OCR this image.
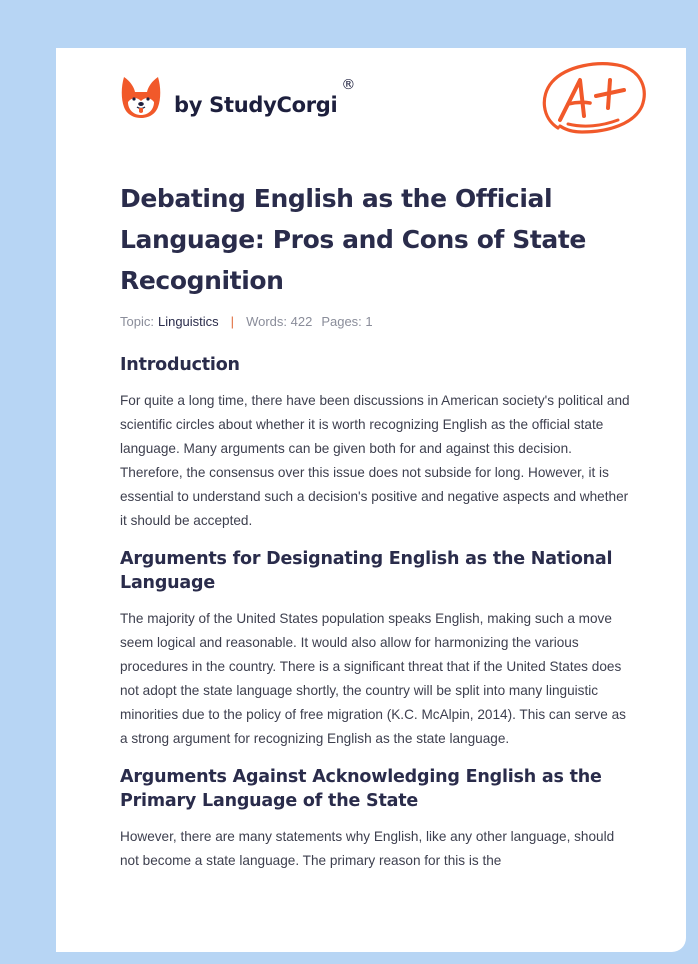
by StudyCorgi
®
Debating English as the Official Language: Pros and Cons of State Recognition
Topic: Linguistics | Words: 422 Pages: 1
Introduction

For quite a long time, there have been discussions in American society's political and scientific circles about whether it is worth recognizing English as the official state language. Many arguments can be given both for and against this decision. Therefore, the consensus over this issue does not subside for long. However, it is essential to understand such a decision's positive and negative aspects and whether it should be accepted.

Arguments for Designating English as the National Language

The majority of the United States population speaks English, making such a move seem logical and reasonable. It would also allow for harmonizing the various procedures in the country. There is a significant threat that if the United States does not adopt the state language shortly, the country will be split into many linguistic minorities due to the policy of free migration (K.C. McAlpin, 2014). This can serve as a strong argument for recognizing English as the state language.

Arguments Against Acknowledging English as the Primary Language of the State

However, there are many statements why English, like any other language, should not become a state language. The primary reason for this is the
